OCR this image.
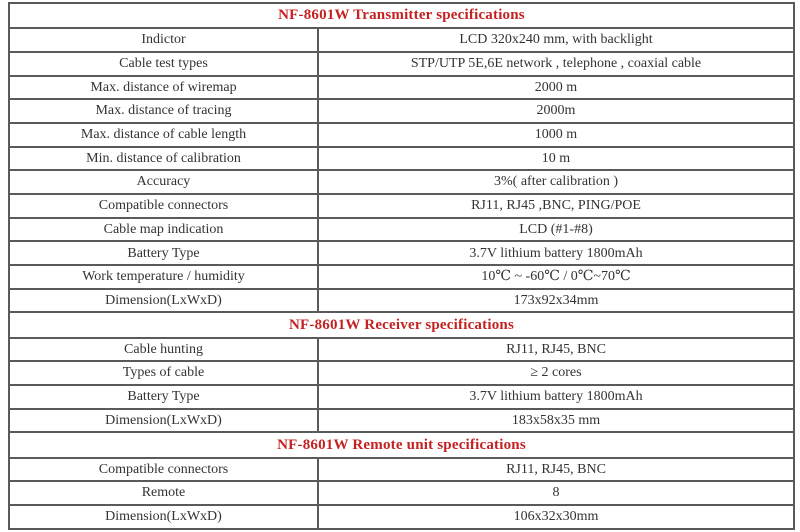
NF-8601W Transmitter specifications	
Indictor	LCD 320x240 mm, with backlight
Cable test types	STP/UTP 5E,6E network , telephone , coaxial cable
Max. distance of wiremap	2000 m
Max. distance of tracing	2000m
Max. distance of cable length	1000 m
Min. distance of calibration	10 m
Accuracy	3%( after calibration )
Compatible connectors	RJ11, RJ45 ,BNC, PING/POE
Cable map indication	LCD (#1-#8)
Battery Type	3.7V lithium battery 1800mAh
Work temperature / humidity	10℃ ~ -60℃ / 0℃~70℃
Dimension(LxWxD)	173x92x34mm
NF-8601W Receiver specifications	
Cable hunting	RJ11, RJ45, BNC
Types of cable	≥ 2 cores
Battery Type	3.7V lithium battery 1800mAh
Dimension(LxWxD)	183x58x35 mm
NF-8601W Remote unit specifications	
Compatible connectors	RJ11, RJ45, BNC
Remote	8
Dimension(LxWxD)	106x32x30mm
